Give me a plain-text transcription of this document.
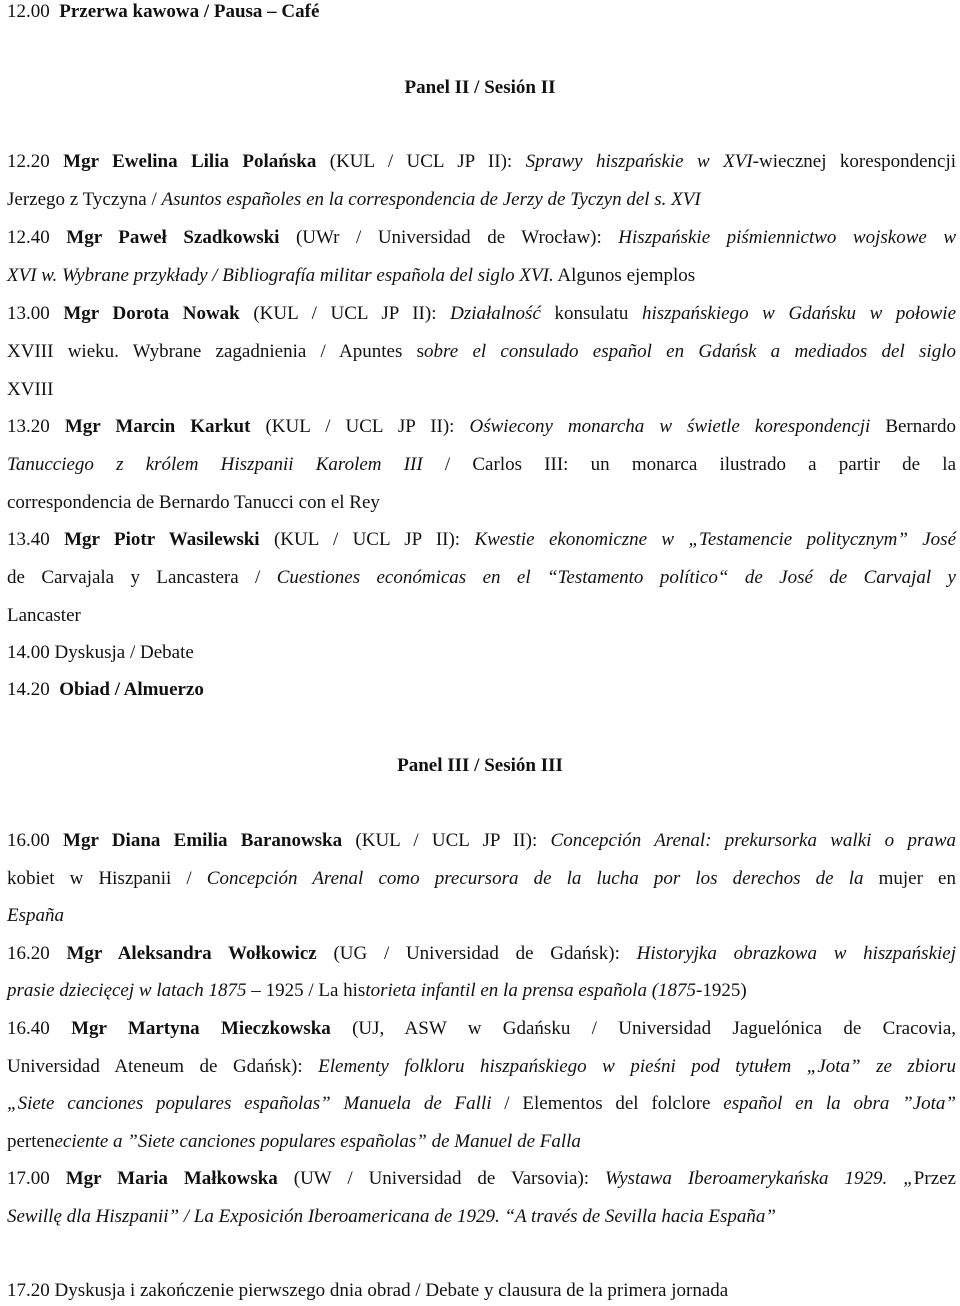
12.00 Przerwa kawowa / Pausa – Café
Panel II / Sesión II
12.20 Mgr Ewelina Lilia Polańska (KUL / UCL JP II): Sprawy hiszpańskie w XVI-wiecznej korespondencji
Jerzego z Tyczyna / Asuntos españoles en la correspondencia de Jerzy de Tyczyn del s. XVI
12.40 Mgr Paweł Szadkowski (UWr / Universidad de Wrocław): Hiszpańskie piśmiennictwo wojskowe w
XVI w. Wybrane przykłady / Bibliografía militar española del siglo XVI. Algunos ejemplos
13.00 Mgr Dorota Nowak (KUL / UCL JP II): Działalność konsulatu hiszpańskiego w Gdańsku w połowie
XVIII wieku. Wybrane zagadnienia / Apuntes sobre el consulado español en Gdańsk a mediados del siglo
XVIII
13.20 Mgr Marcin Karkut (KUL / UCL JP II): Oświecony monarcha w świetle korespondencji Bernardo
Tanucciego z królem Hiszpanii Karolem III / Carlos III: un monarca ilustrado a partir de la
correspondencia de Bernardo Tanucci con el Rey
13.40 Mgr Piotr Wasilewski (KUL / UCL JP II): Kwestie ekonomiczne w „Testamencie politycznym” José
de Carvajala y Lancastera / Cuestiones económicas en el “Testamento político“ de José de Carvajal y
Lancaster
14.00 Dyskusja / Debate
14.20 Obiad / Almuerzo
Panel III / Sesión III
16.00 Mgr Diana Emilia Baranowska (KUL / UCL JP II): Concepción Arenal: prekursorka walki o prawa
kobiet w Hiszpanii / Concepción Arenal como precursora de la lucha por los derechos de la mujer en
España
16.20 Mgr Aleksandra Wołkowicz (UG / Universidad de Gdańsk): Historyjka obrazkowa w hiszpańskiej
prasie dziecięcej w latach 1875 – 1925 / La historieta infantil en la prensa española (1875-1925)
16.40 Mgr Martyna Mieczkowska (UJ, ASW w Gdańsku / Universidad Jaguelónica de Cracovia,
Universidad Ateneum de Gdańsk): Elementy folkloru hiszpańskiego w pieśni pod tytułem „Jota” ze zbioru
„Siete canciones populares españolas” Manuela de Falli / Elementos del folclore español en la obra ”Jota”
perteneciente a ”Siete canciones populares españolas” de Manuel de Falla
17.00 Mgr Maria Małkowska (UW / Universidad de Varsovia): Wystawa Iberoamerykańska 1929. „Przez
Sewillę dla Hiszpanii” / La Exposición Iberoamericana de 1929. “A través de Sevilla hacia España”
17.20 Dyskusja i zakończenie pierwszego dnia obrad / Debate y clausura de la primera jornada
